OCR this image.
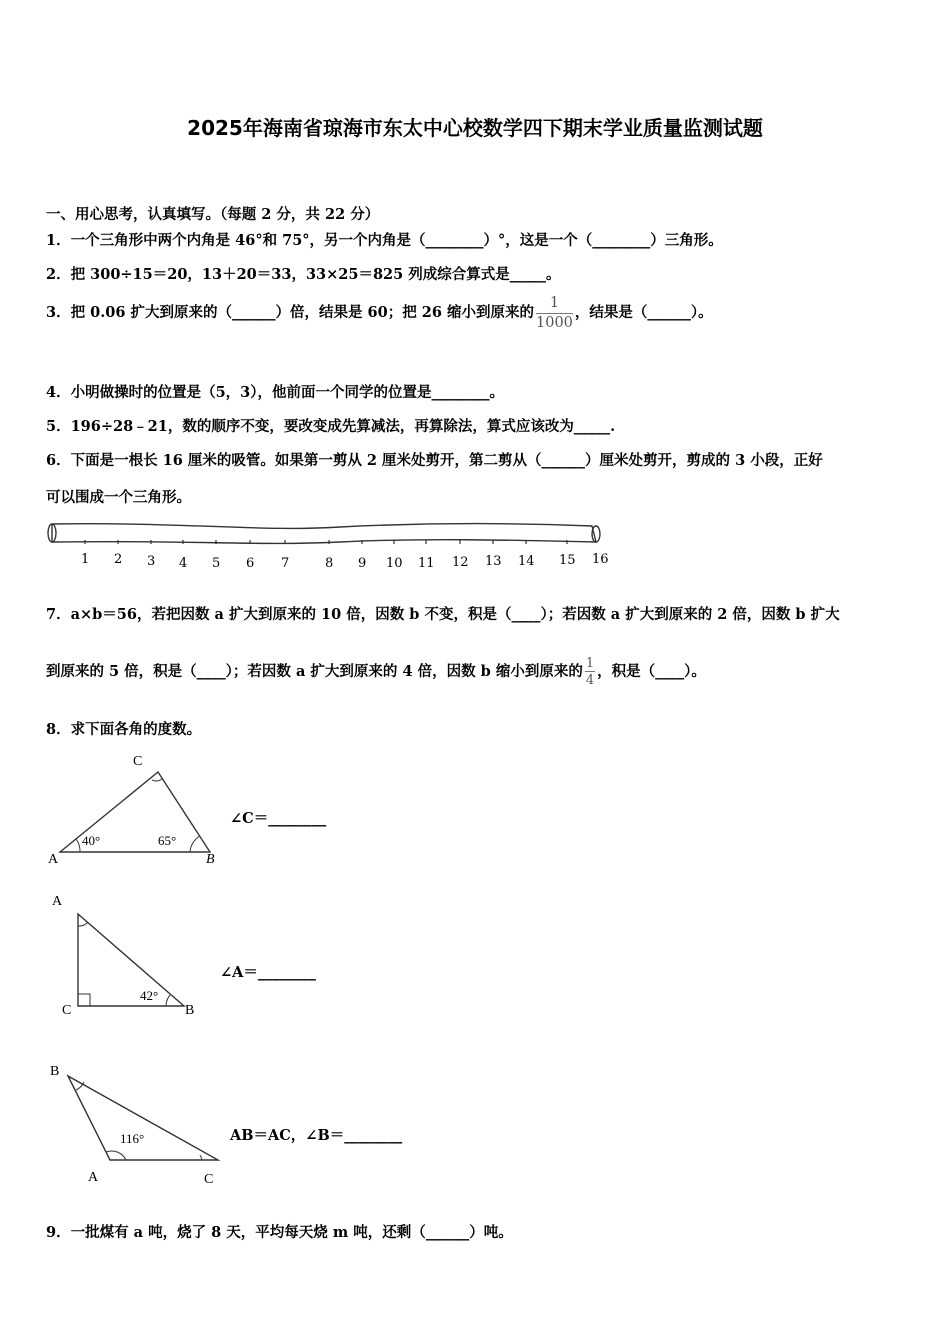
2025年海南省琼海市东太中心校数学四下期末学业质量监测试题
一、用心思考，认真填写。（每题 2 分，共 22 分）
1．一个三角形中两个内角是 46°和 75°，另一个内角是（________）°，这是一个（________）三角形。
2．把 300÷15＝20，13＋20＝33，33×25＝825 列成综合算式是_____。
3．把 0.06 扩大到原来的（______）倍，结果是 60；把 26 缩小到原来的 $\frac{1}{1000}$ ，结果是（______）。
4．小明做操时的位置是（5，3），他前面一个同学的位置是________。
5．196÷28﹣21，数的顺序不变，要改变成先算减法，再算除法，算式应该改为_____.
6．下面是一根长 16 厘米的吸管。如果第一剪从 2 厘米处剪开，第二剪从（______）厘米处剪开，剪成的 3 小段，正好
可以围成一个三角形。
1 2 3 4 5 6 7	8 9 10 11 12 13 14 15 16
7．a×b＝56，若把因数 a 扩大到原来的 10 倍，因数 b 不变，积是（____）；若因数 a 扩大到原来的 2 倍，因数 b 扩大
到原来的 5 倍，积是（____）；若因数 a 扩大到原来的 4 倍，因数 b 缩小到原来的 $\frac{1}{4}$ ，积是（____）。
8．求下面各角的度数。
C
A	B
40°	65°
∠C＝________
A
C	B
42°
∠A＝________
B
A	C
116°	AB＝AC，∠B＝________
9．一批煤有 a 吨，烧了 8 天，平均每天烧 m 吨，还剩（______）吨。
